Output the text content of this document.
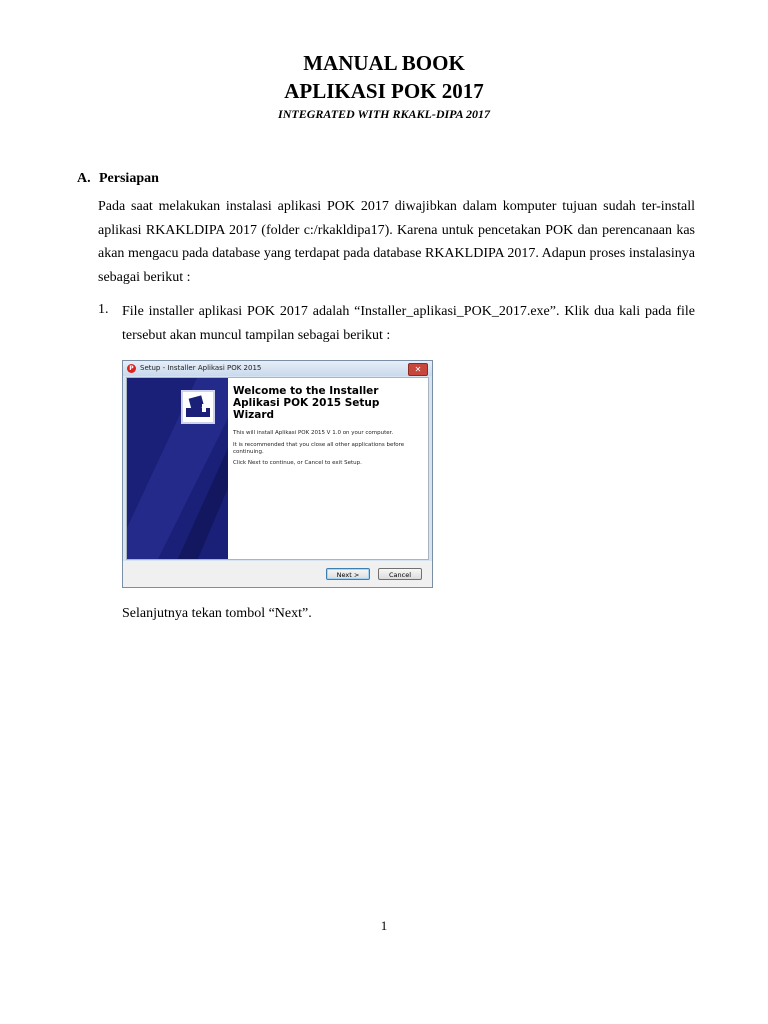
MANUAL BOOK
APLIKASI POK 2017
INTEGRATED WITH RKAKL-DIPA 2017
A. Persiapan

Pada saat melakukan instalasi aplikasi POK 2017 diwajibkan dalam komputer tujuan sudah ter-install aplikasi RKAKLDIPA 2017 (folder c:/rkakldipa17). Karena untuk pencetakan POK dan perencanaan kas akan mengacu pada database yang terdapat pada database RKAKLDIPA 2017. Adapun proses instalasinya sebagai berikut :

1. File installer aplikasi POK 2017 adalah “Installer_aplikasi_POK_2017.exe”. Klik dua kali pada file tersebut akan muncul tampilan sebagai berikut :

P Setup - Installer Aplikasi POK 2015	✕

Welcome to the Installer Aplikasi POK 2015 Setup Wizard

This will install Aplikasi POK 2015 V 1.0 on your computer.

It is recommended that you close all other applications before continuing.

Click Next to continue, or Cancel to exit Setup.

Next >	Cancel
Selanjutnya tekan tombol “Next”.
1
